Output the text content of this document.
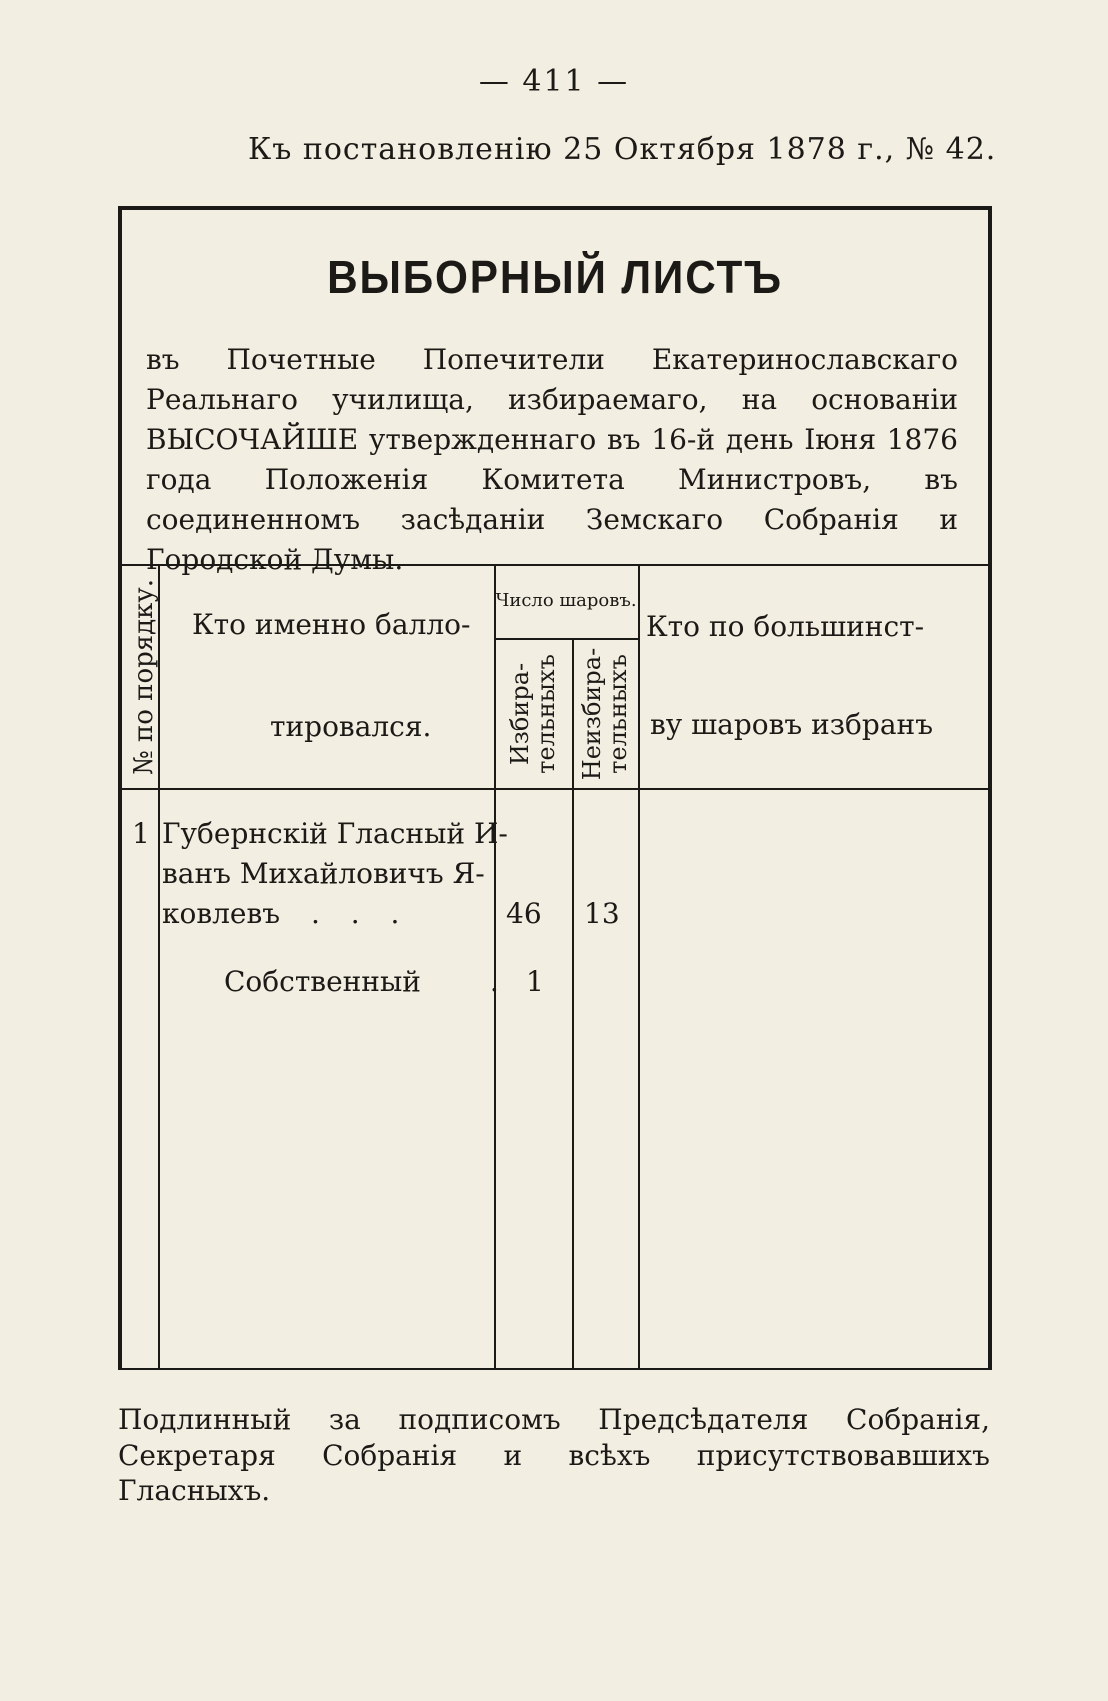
— 411 —
Къ постановленію 25 Октября 1878 г., № 42.
ВЫБОРНЫЙ ЛИСТЪ
въ Почетные Попечители Екатеринославскаго Реальнаго училища, избираемаго, на основаніи ВЫСОЧАЙШЕ утвержденнаго въ 16-й день Іюня 1876 года Положенія Комитета Министровъ, въ соединенномъ засѣданіи Земскаго Собранія и Городской Думы.
№ по порядку. Кто именно балло-
тировался.
Число шаровъ.
Избира-тельныхъ Неизбира-тельныхъ
Кто по большинст-
ву шаровъ избранъ
1 Губернскій Гласный И-
ванъ Михайловичъ Я-
ковлевъ . . .	46 13
Собственный . 1
Подлинный за подписомъ Предсѣдателя Собранія,
Секретаря Собранія и всѣхъ присутствовавшихъ
Гласныхъ.
